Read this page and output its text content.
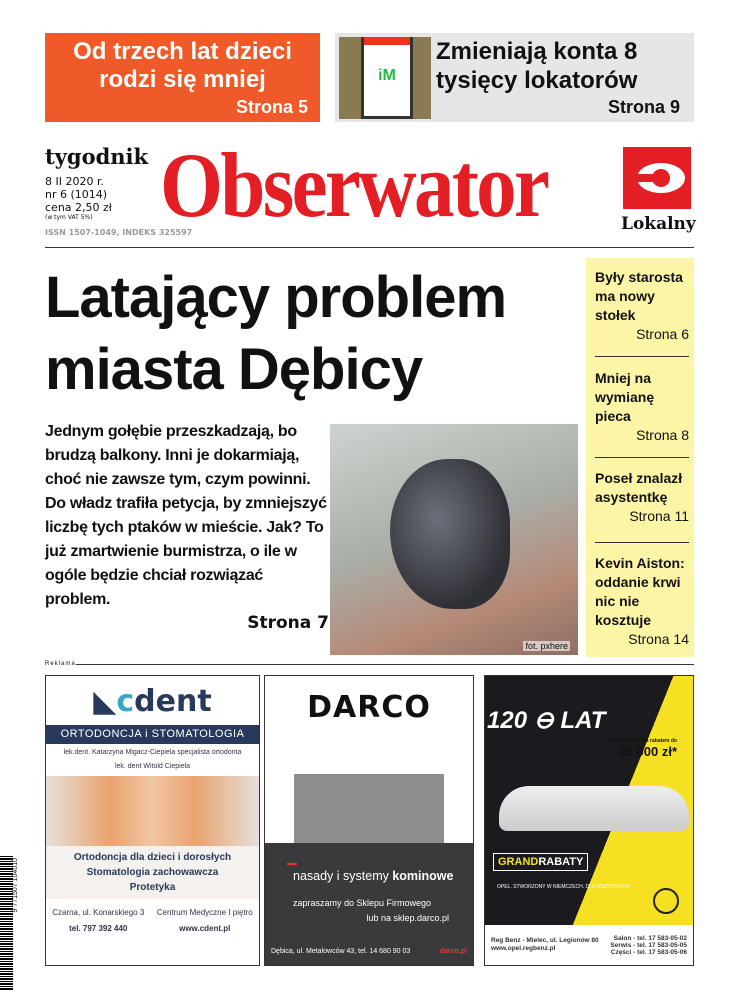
Od trzech lat dzieci rodzi się mniej
Strona 5
iM
Zmieniają konta 8 tysięcy lokatorów
Strona 9
tygodnik
8 II 2020 r.
nr 6 (1014)
cena 2,50 zł
(w tym VAT 5%)
ISSN 1507-1049, INDEKS 325597
Obserwator	Lokalny
Latający problem miasta Dębicy

Jednym gołębie przeszkadzają, bo brudzą balkony. Inni je dokarmiają, choć nie zawsze tym, czym powinni. Do władz trafiła petycja, by zmniejszyć liczbę tych ptaków w mieście. Jak? To już zmartwienie burmistrza, o ile w ogóle będzie chciał rozwiązać problem.

Strona 7
fot. pxhere
Były starosta ma nowy stołek
Strona 6
Mniej na wymianę pieca
Strona 8
Poseł znalazł asystentkę
Strona 11
Kevin Aiston: oddanie krwi nic nie kosztuje
Strona 14
Reklama
◣cdent
ORTODONCJA i STOMATOLOGIA
lek.dent. Katarzyna Migacz-Ciepiela specjalista ortodonta
lek. dent Witold Ciepiela
Ortodoncja dla dzieci i dorosłych
Stomatologia zachowawcza
Protetyka
Czarna, ul. Konarskiego 3
tel. 797 392 440
Centrum Medyczne I piętro
www.cdent.pl
DARCO
nasady i systemy kominowe
zapraszamy do Sklepu Firmowego
lub na sklep.darco.pl
Dębica, ul. Metalowców 43, tel. 14 680 90 03	darco.pl
120 ⊖ LAT
GRANDLAND X z rabatem do
25 000 zł*
GRANDRABATY
OPEL. STWORZONY W NIEMCZECH. DLA WSZYSTKICH.
Reg Benz - Mielec, ul. Legionów 80
www.opel.regbenz.pl
Salon - tel. 17 583-05-02
Serwis - tel. 17 583-05-05
Części - tel. 17 583-05-06
9 771507 104010
